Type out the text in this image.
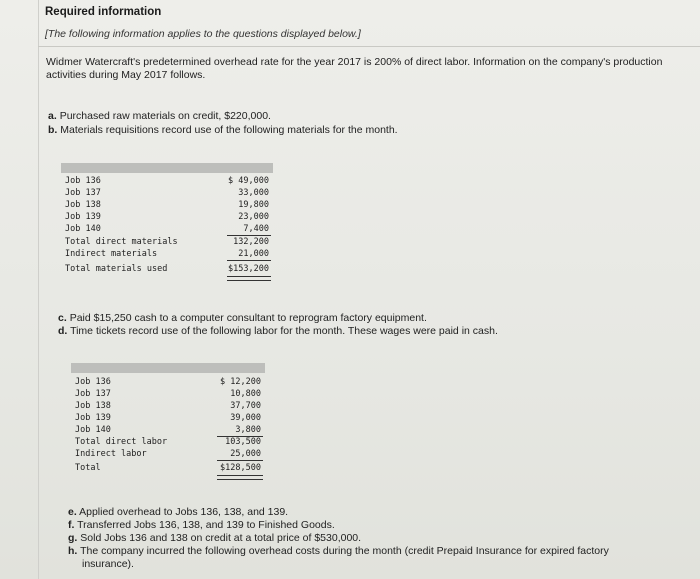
Required information
[The following information applies to the questions displayed below.]
Widmer Watercraft's predetermined overhead rate for the year 2017 is 200% of direct labor. Information on the company's production activities during May 2017 follows.
a. Purchased raw materials on credit, $220,000.
b. Materials requisitions record use of the following materials for the month.
Job 136	$ 49,000
Job 137	33,000
Job 138	19,800
Job 139	23,000
Job 140	7,400
Total direct materials	132,200
Indirect materials	21,000
Total materials used	$153,200
c. Paid $15,250 cash to a computer consultant to reprogram factory equipment.
d. Time tickets record use of the following labor for the month. These wages were paid in cash.
Job 136	$ 12,200
Job 137	10,800
Job 138	37,700
Job 139	39,000
Job 140	3,800
Total direct labor	103,500
Indirect labor	25,000
Total	$128,500
e. Applied overhead to Jobs 136, 138, and 139.
f. Transferred Jobs 136, 138, and 139 to Finished Goods.
g. Sold Jobs 136 and 138 on credit at a total price of $530,000.
h. The company incurred the following overhead costs during the month (credit Prepaid Insurance for expired factory
insurance).
